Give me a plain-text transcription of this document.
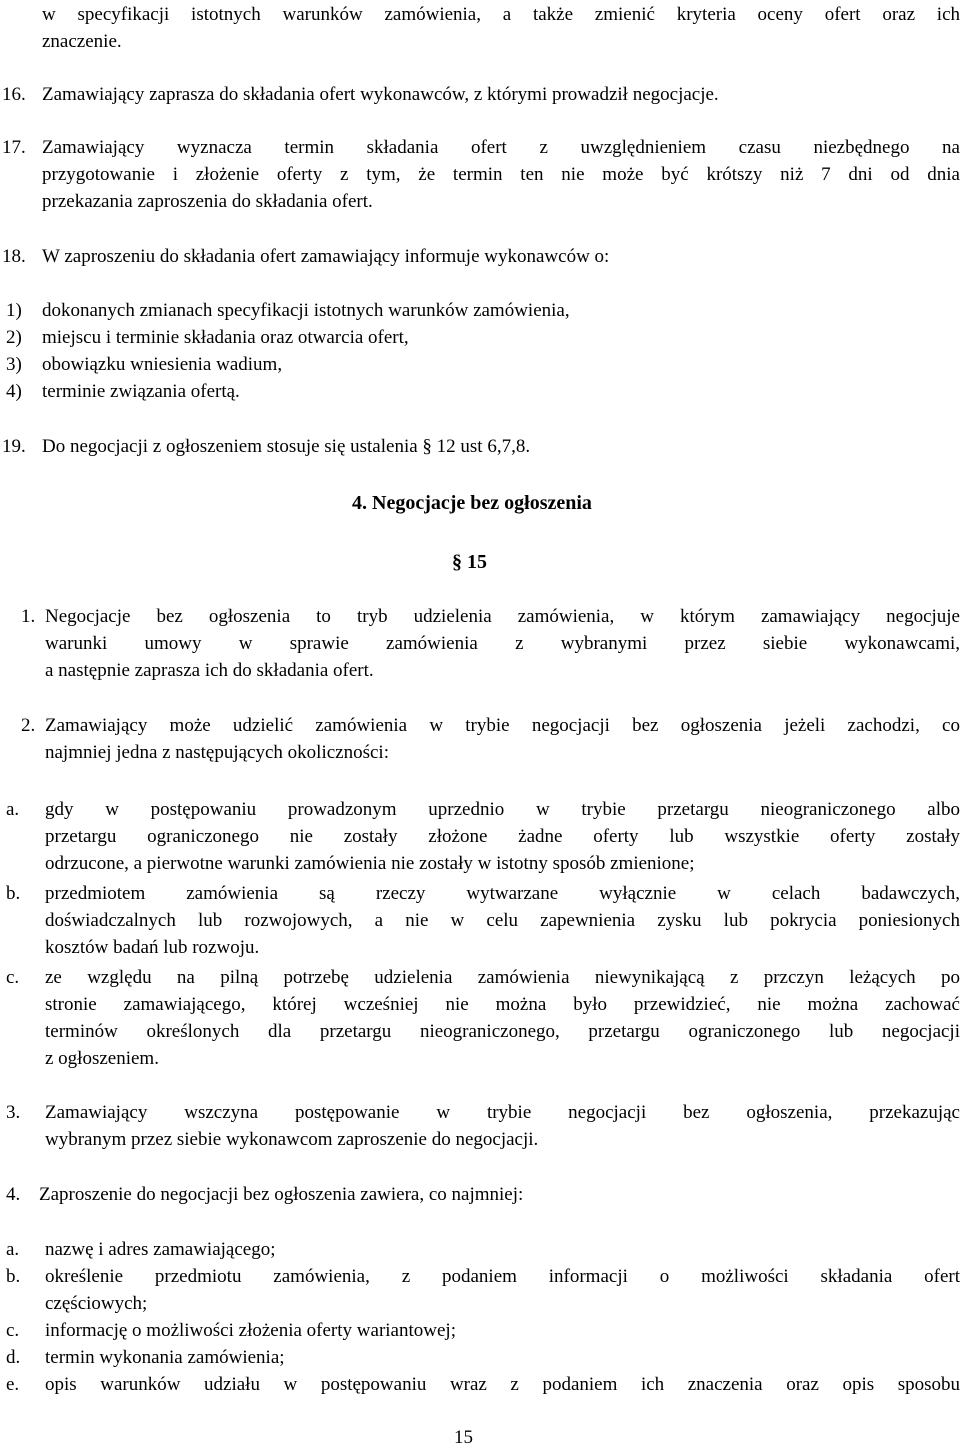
w specyfikacji istotnych warunków zamówienia, a także zmienić kryteria oceny ofert oraz ich
znaczenie.
16. Zamawiający zaprasza do składania ofert wykonawców, z którymi prowadził negocjacje.
17. Zamawiający wyznacza termin składania ofert z uwzględnieniem czasu niezbędnego na
przygotowanie i złożenie oferty z tym, że termin ten nie może być krótszy niż 7 dni od dnia
przekazania zaproszenia do składania ofert.
18. W zaproszeniu do składania ofert zamawiający informuje wykonawców o:
1) dokonanych zmianach specyfikacji istotnych warunków zamówienia,
2) miejscu i terminie składania oraz otwarcia ofert,
3) obowiązku wniesienia wadium,
4) terminie związania ofertą.
19. Do negocjacji z ogłoszeniem stosuje się ustalenia § 12 ust 6,7,8.
4. Negocjacje bez ogłoszenia
§ 15
1. Negocjacje bez ogłoszenia to tryb udzielenia zamówienia, w którym zamawiający negocjuje
warunki umowy w sprawie zamówienia z wybranymi przez siebie wykonawcami,
a następnie zaprasza ich do składania ofert.
2. Zamawiający może udzielić zamówienia w trybie negocjacji bez ogłoszenia jeżeli zachodzi, co
najmniej jedna z następujących okoliczności:
a. gdy w postępowaniu prowadzonym uprzednio w trybie przetargu nieograniczonego albo
przetargu ograniczonego nie zostały złożone żadne oferty lub wszystkie oferty zostały
odrzucone, a pierwotne warunki zamówienia nie zostały w istotny sposób zmienione;
b. przedmiotem zamówienia są rzeczy wytwarzane wyłącznie w celach badawczych,
doświadczalnych lub rozwojowych, a nie w celu zapewnienia zysku lub pokrycia poniesionych
kosztów badań lub rozwoju.
c. ze względu na pilną potrzebę udzielenia zamówienia niewynikającą z przczyn leżących po
stronie zamawiającego, której wcześniej nie można było przewidzieć, nie można zachować
terminów określonych dla przetargu nieograniczonego, przetargu ograniczonego lub negocjacji
z ogłoszeniem.
3. Zamawiający wszczyna postępowanie w trybie negocjacji bez ogłoszenia, przekazując
wybranym przez siebie wykonawcom zaproszenie do negocjacji.
4. Zaproszenie do negocjacji bez ogłoszenia zawiera, co najmniej:
a. nazwę i adres zamawiającego;
b. określenie przedmiotu zamówienia, z podaniem informacji o możliwości składania ofert
częściowych;
c. informację o możliwości złożenia oferty wariantowej;
d. termin wykonania zamówienia;
e. opis warunków udziału w postępowaniu wraz z podaniem ich znaczenia oraz opis sposobu
15
